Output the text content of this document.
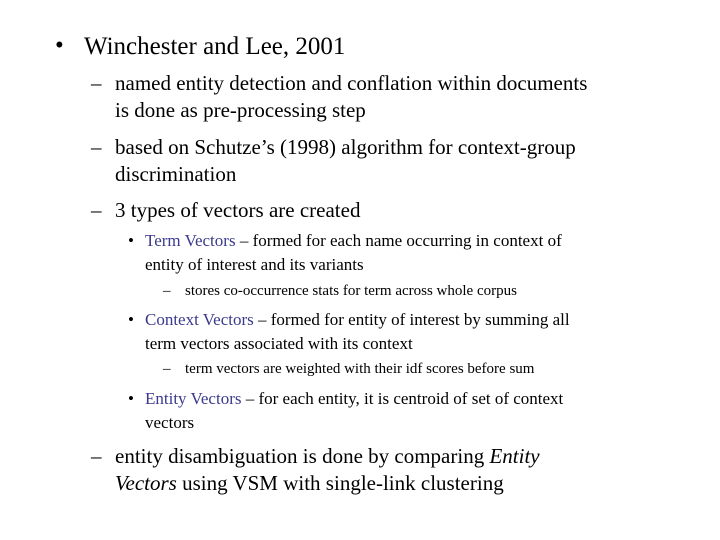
• Winchester and Lee, 2001
– named entity detection and conflation within documents
is done as pre-processing step
– based on Schutze’s (1998) algorithm for context-group
discrimination
– 3 types of vectors are created
• Term Vectors – formed for each name occurring in context of
entity of interest and its variants
– stores co-occurrence stats for term across whole corpus
• Context Vectors – formed for entity of interest by summing all
term vectors associated with its context
– term vectors are weighted with their idf scores before sum
• Entity Vectors – for each entity, it is centroid of set of context
vectors
– entity disambiguation is done by comparing Entity
Vectors using VSM with single-link clustering
